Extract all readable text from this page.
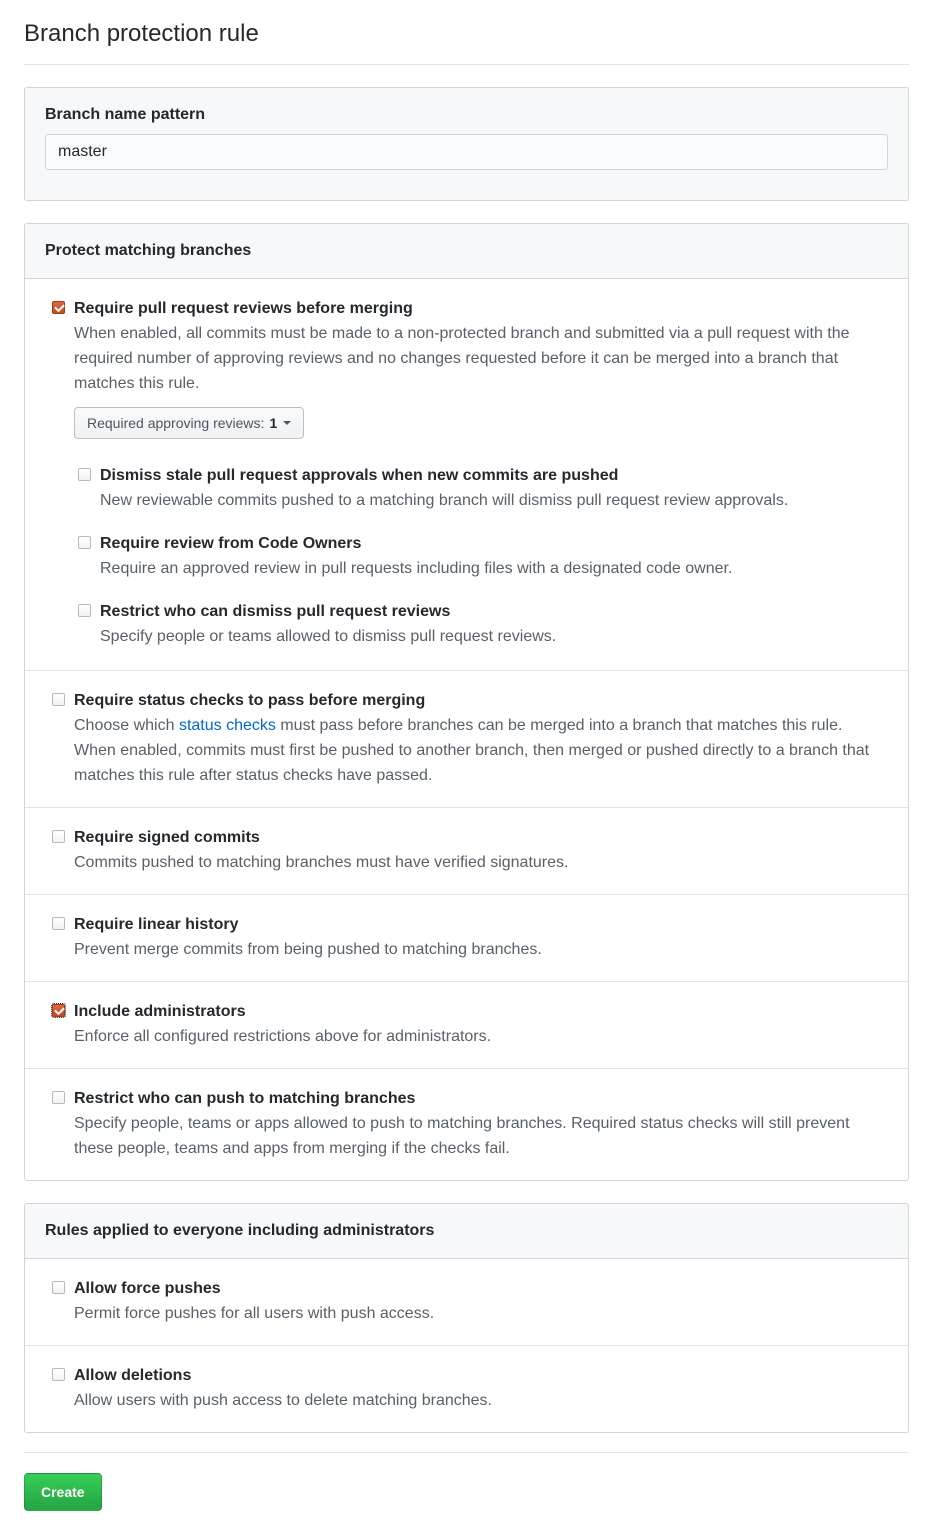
Branch protection rule
Branch name pattern
master
Protect matching branches
Require pull request reviews before merging
When enabled, all commits must be made to a non-protected branch and submitted via a pull request with the required number of approving reviews and no changes requested before it can be merged into a branch that matches this rule.
Required approving reviews: 1
Dismiss stale pull request approvals when new commits are pushed
New reviewable commits pushed to a matching branch will dismiss pull request review approvals.
Require review from Code Owners
Require an approved review in pull requests including files with a designated code owner.
Restrict who can dismiss pull request reviews
Specify people or teams allowed to dismiss pull request reviews.
Require status checks to pass before merging
Choose which status checks must pass before branches can be merged into a branch that matches this rule. When enabled, commits must first be pushed to another branch, then merged or pushed directly to a branch that matches this rule after status checks have passed.
Require signed commits
Commits pushed to matching branches must have verified signatures.
Require linear history
Prevent merge commits from being pushed to matching branches.
Include administrators
Enforce all configured restrictions above for administrators.
Restrict who can push to matching branches
Specify people, teams or apps allowed to push to matching branches. Required status checks will still prevent these people, teams and apps from merging if the checks fail.
Rules applied to everyone including administrators
Allow force pushes
Permit force pushes for all users with push access.
Allow deletions
Allow users with push access to delete matching branches.
Create
